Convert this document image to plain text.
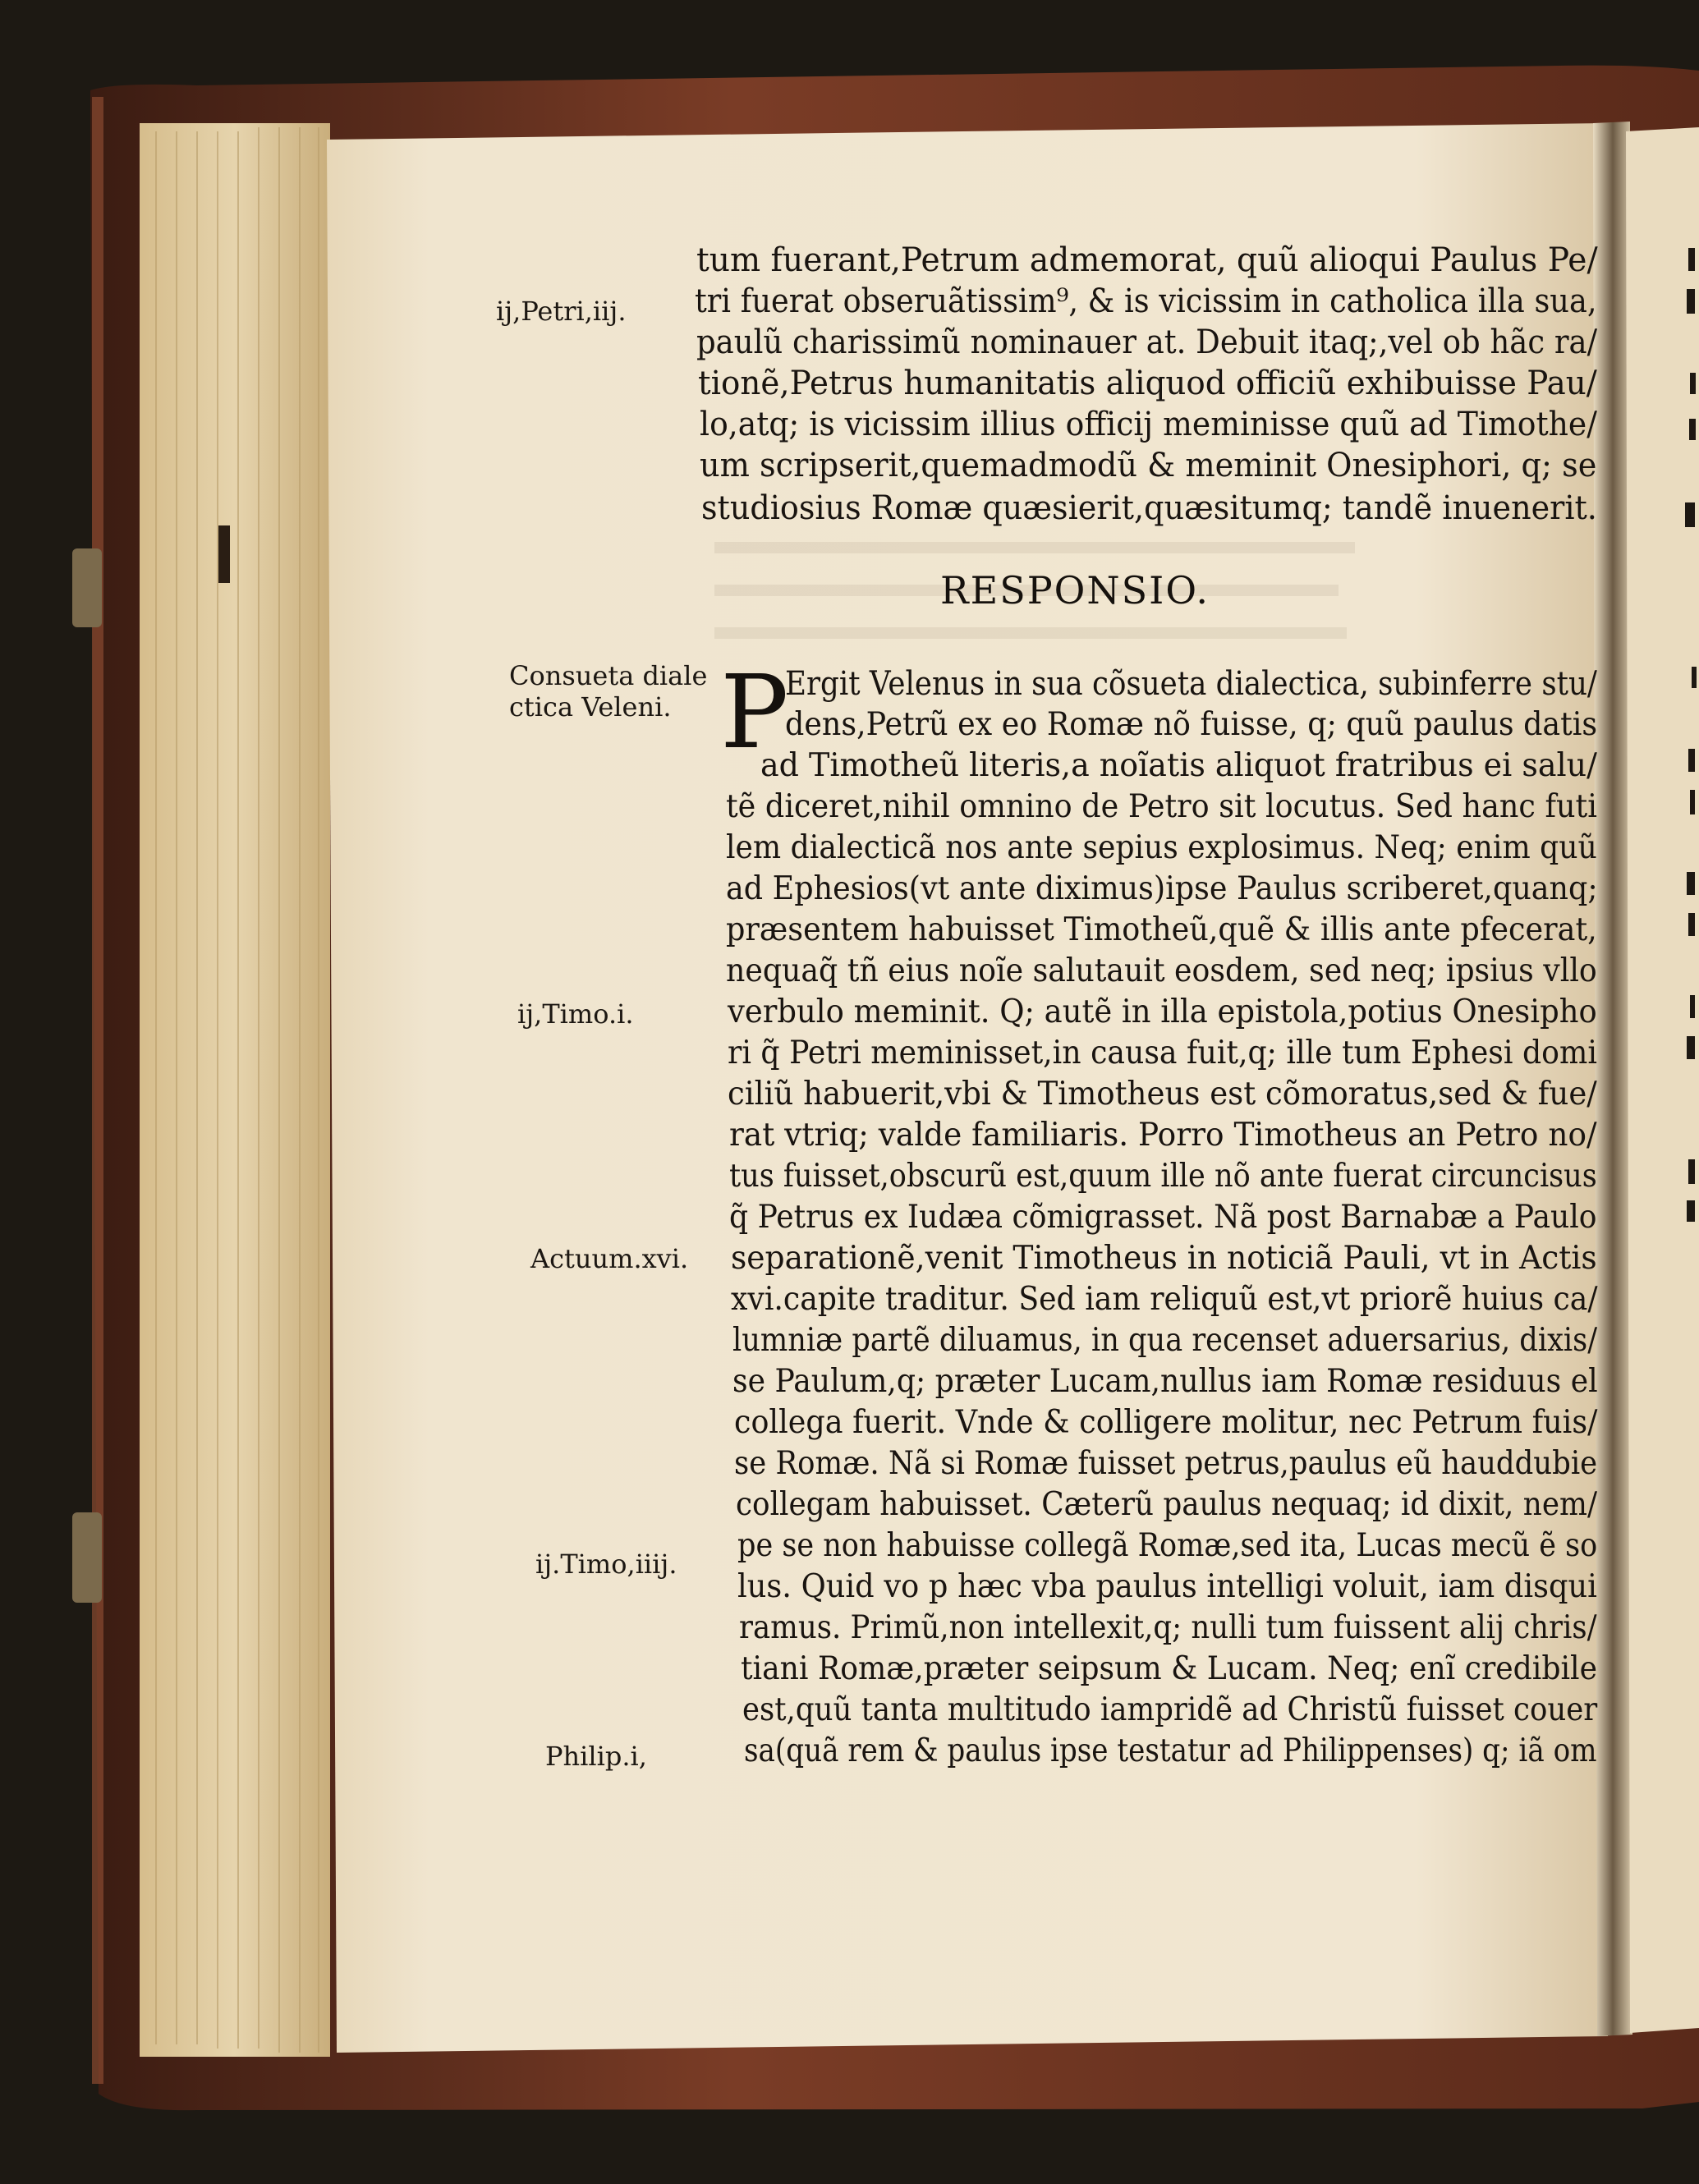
tum fuerant,Petrum admemorat, quũ alioqui Paulus Pe/
tri fuerat obseruãtissim⁹, & is vicissim in catholica illa sua,
paulũ charissimũ nominauer at. Debuit itaq;,vel ob hãc ra/
tionẽ,Petrus humanitatis aliquod officiũ exhibuisse Pau/
lo,atq; is vicissim illius officij meminisse quũ ad Timothe/
um scripserit,quemadmodũ & meminit Onesiphori, q; se
studiosius Romæ quæsierit,quæsitumq; tandẽ inuenerit.
RESPONSIO.
P
Ergit Velenus in sua cõsueta dialectica, subinferre stu/
dens,Petrũ ex eo Romæ nõ fuisse, q; quũ paulus datis
ad Timotheũ literis,a noĩatis aliquot fratribus ei salu/
tẽ diceret,nihil omnino de Petro sit locutus. Sed hanc futi
lem dialecticã nos ante sepius explosimus. Neq; enim quũ
ad Ephesios(vt ante diximus)ipse Paulus scriberet,quanq;
præsentem habuisset Timotheũ,quẽ & illis ante pfecerat,
nequaq̃ tñ eius noĩe salutauit eosdem, sed neq; ipsius vllo
verbulo meminit. Q; autẽ in illa epistola,potius Onesipho
ri q̃ Petri meminisset,in causa fuit,q; ille tum Ephesi domi
ciliũ habuerit,vbi & Timotheus est cõmoratus,sed & fue/
rat vtriq; valde familiaris. Porro Timotheus an Petro no/
tus fuisset,obscurũ est,quum ille nõ ante fuerat circuncisus
q̃ Petrus ex Iudæa cõmigrasset. Nã post Barnabæ a Paulo
separationẽ,venit Timotheus in noticiã Pauli, vt in Actis
xvi.capite traditur. Sed iam reliquũ est,vt priorẽ huius ca/
lumniæ partẽ diluamus, in qua recenset aduersarius, dixis/
se Paulum,q; præter Lucam,nullus iam Romæ residuus el
collega fuerit. Vnde & colligere molitur, nec Petrum fuis/
se Romæ. Nã si Romæ fuisset petrus,paulus eũ hauddubie
collegam habuisset. Cæterũ paulus nequaq; id dixit, nem/
pe se non habuisse collegã Romæ,sed ita, Lucas mecũ ẽ so
lus. Quid vo p hæc vba paulus intelligi voluit, iam disqui
ramus. Primũ,non intellexit,q; nulli tum fuissent alij chris/
tiani Romæ,præter seipsum & Lucam. Neq; enĩ credibile
est,quũ tanta multitudo iampridẽ ad Christũ fuisset couer
sa(quã rem & paulus ipse testatur ad Philippenses) q; iã om
ij,Petri,iij.
Consueta diale
ctica Veleni.
ij,Timo.i.
Actuum.xvi.
ij.Timo,iiij.
Philip.i,
